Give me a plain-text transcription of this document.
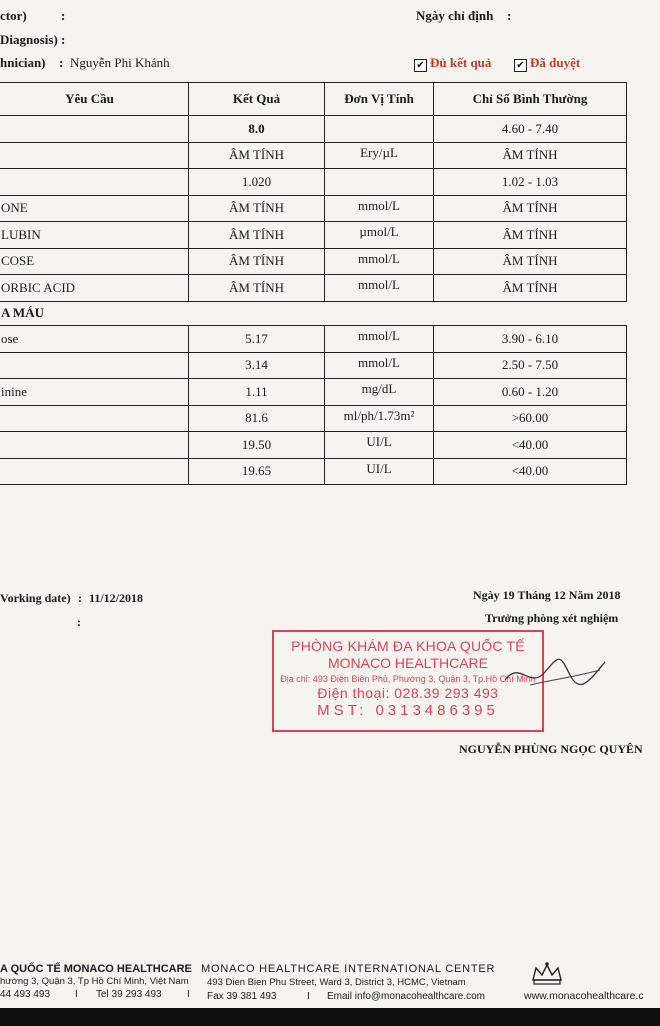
ctor)	:	Ngày chỉ định :
Diagnosis) :
hnician) : Nguyễn Phi Khánh	✔ Đủ kết quả ✔ Đã duyệt
Yêu Cầu	Kết Quả	Đơn Vị Tính	Chỉ Số Bình Thường
	8.0		4.60 - 7.40
	ÂM TÍNH	Ery/µL	ÂM TÍNH
	1.020		1.02 - 1.03
ONE	ÂM TÍNH	mmol/L	ÂM TÍNH
LUBIN	ÂM TÍNH	µmol/L	ÂM TÍNH
COSE	ÂM TÍNH	mmol/L	ÂM TÍNH
ORBIC ACID	ÂM TÍNH	mmol/L	ÂM TÍNH
A MÁU			
ose	5.17	mmol/L	3.90 - 6.10
	3.14	mmol/L	2.50 - 7.50
inine	1.11	mg/dL	0.60 - 1.20
	81.6	ml/ph/1.73m²	>60.00
	19.50	UI/L	<40.00
	19.65	UI/L	<40.00
Vorking date) : 11/12/2018
:
Ngày 19 Tháng 12 Năm 2018
Trưởng phòng xét nghiệm
PHÒNG KHÁM ĐA KHOA QUỐC TẾ
MONACO HEALTHCARE
Địa chỉ: 493 Điện Biên Phủ, Phường 3, Quận 3, Tp.Hồ Chí Minh
Điện thoại: 028.39 293 493
MST: 0313486395
NGUYỄN PHÙNG NGỌC QUYÊN
A QUỐC TẾ MONACO HEALTHCARE
hường 3, Quận 3, Tp Hồ Chí Minh, Việt Nam
44 493 493 I Tel 39 293 493	I
MONACO HEALTHCARE INTERNATIONAL CENTER
493 Dien Bien Phu Street, Ward 3, District 3, HCMC, Vietnam
Fax 39 381 493	I Email info@monacohealthcare.com	www.monacohealthcare.c
